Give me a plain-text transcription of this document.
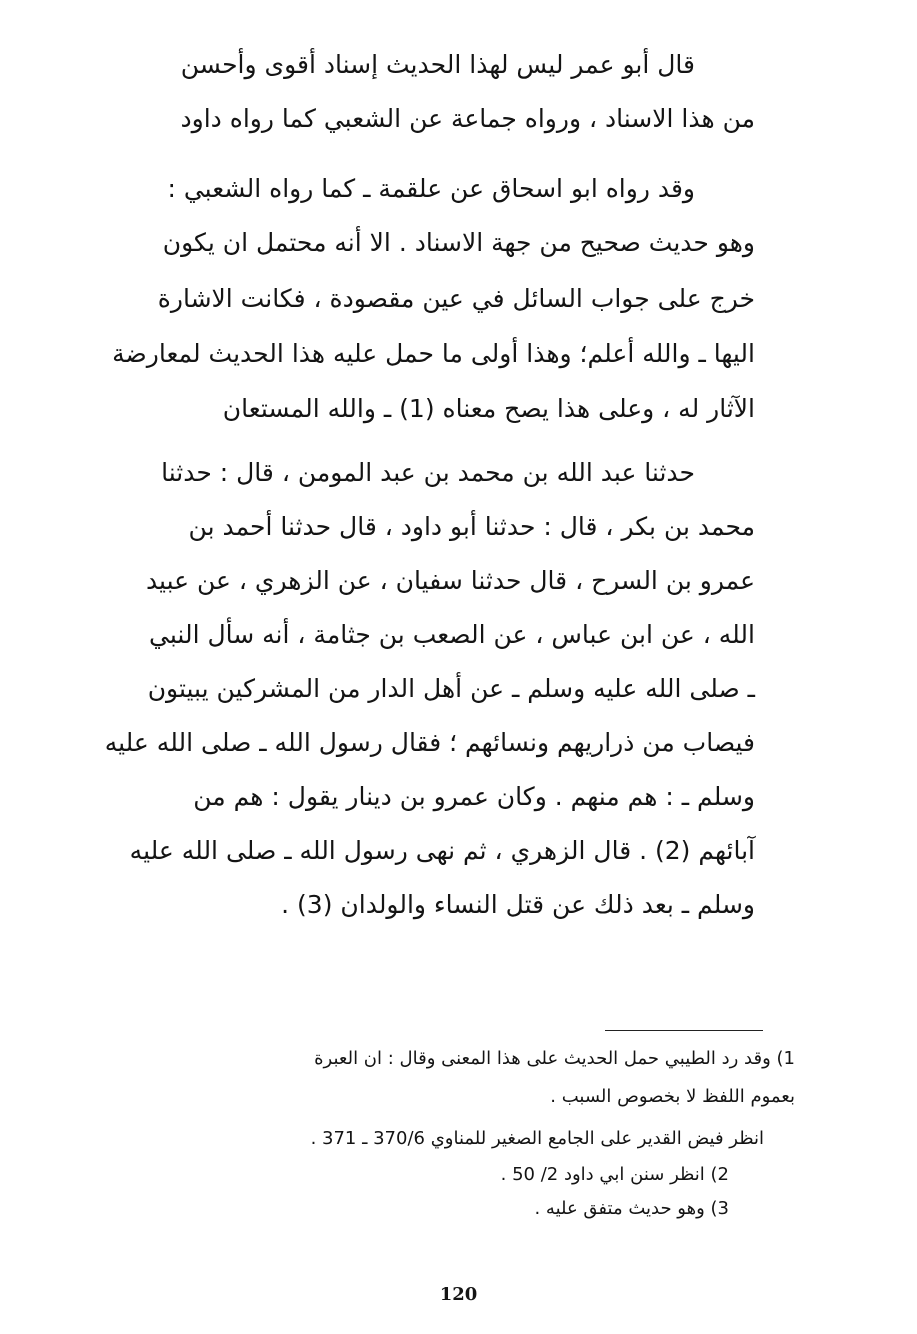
قال أبو عمر ليس لهذا الحديث إسناد أقوى وأحسن
من هذا الاسناد ، ورواه جماعة عن الشعبي كما رواه داود
وقد رواه ابو اسحاق عن علقمة ـ كما رواه الشعبي :
وهو حديث صحيح من جهة الاسناد . الا أنه محتمل ان يكون
خرج على جواب السائل في عين مقصودة ، فكانت الاشارة
اليها ـ والله أعلم؛ وهذا أولى ما حمل عليه هذا الحديث لمعارضة
الآثار له ، وعلى هذا يصح معناه (1) ـ والله المستعان
حدثنا عبد الله بن محمد بن عبد المومن ، قال : حدثنا
محمد بن بكر ، قال : حدثنا أبو داود ، قال حدثنا أحمد بن
عمرو بن السرح ، قال حدثنا سفيان ، عن الزهري ، عن عبيد
الله ، عن ابن عباس ، عن الصعب بن جثامة ، أنه سأل النبي
ـ صلى الله عليه وسلم ـ عن أهل الدار من المشركين يبيتون
فيصاب من ذراريهم ونسائهم ؛ فقال رسول الله ـ صلى الله عليه
وسلم ـ : هم منهم . وكان عمرو بن دينار يقول : هم من
آبائهم (2) . قال الزهري ، ثم نهى رسول الله ـ صلى الله عليه
وسلم ـ بعد ذلك عن قتل النساء والولدان (3) .
1) وقد رد الطيبي حمل الحديث على هذا المعنى وقال : ان العبرة
بعموم اللفظ لا بخصوص السبب .
انظر فيض القدير على الجامع الصغير للمناوي 370/6 ـ 371 .
2) انظر سنن ابي داود 2/ 50 .
3) وهو حديث متفق عليه .
120
